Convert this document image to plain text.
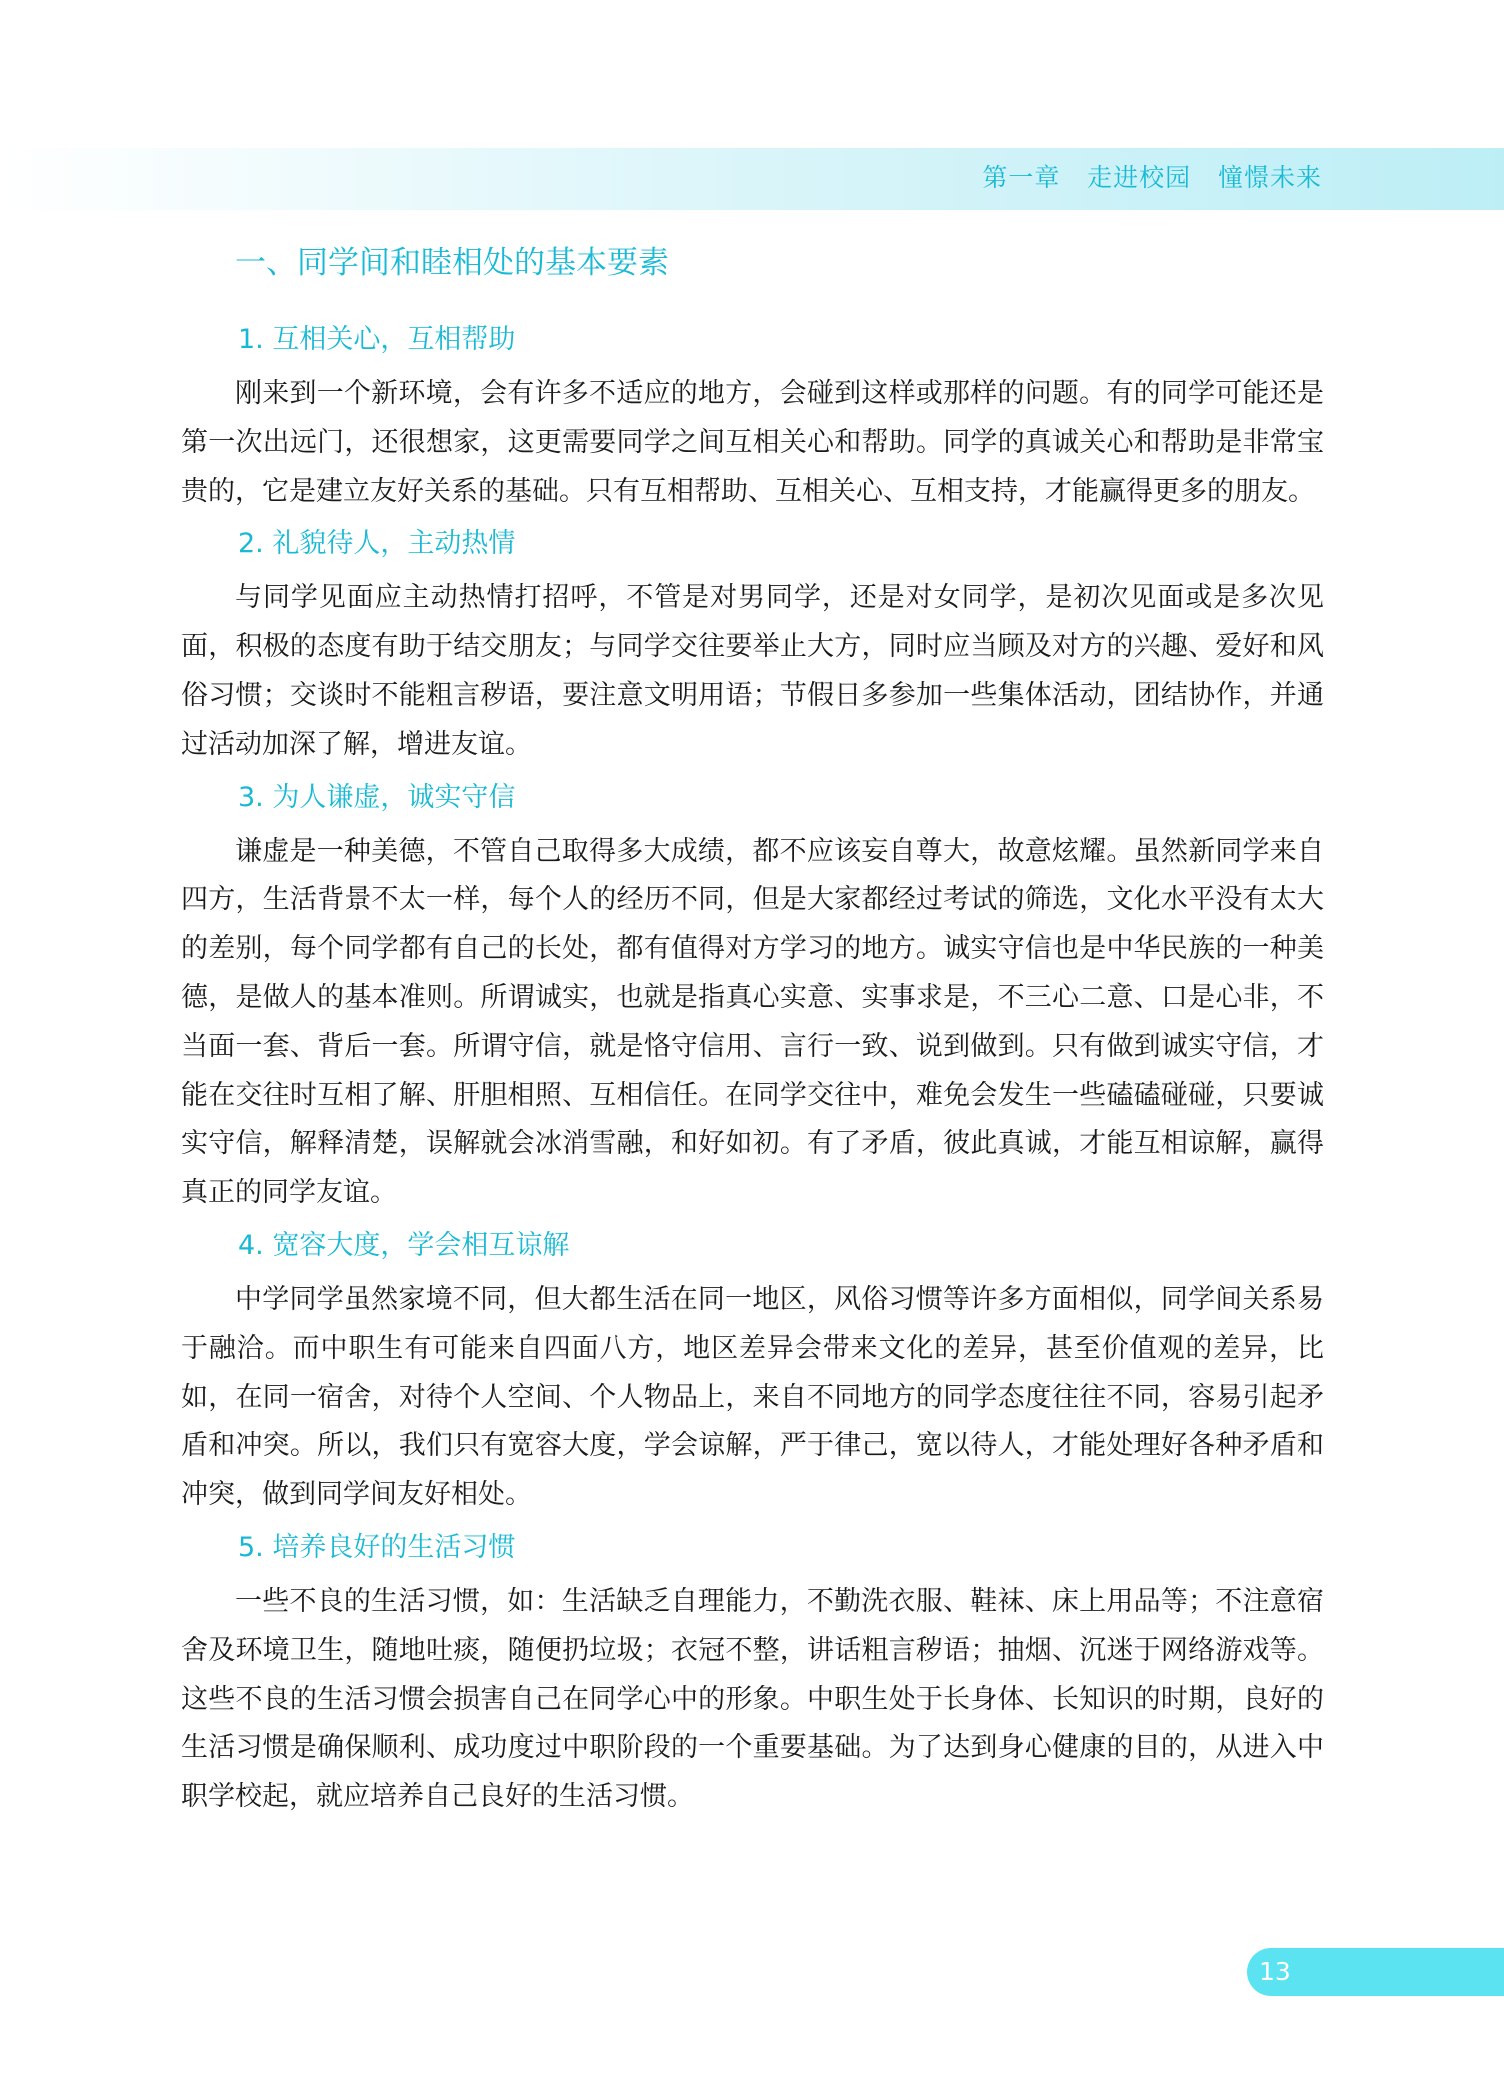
第一章   走进校园   憧憬未来
一、同学间和睦相处的基本要素
1. 互相关心，互相帮助
刚来到一个新环境，会有许多不适应的地方，会碰到这样或那样的问题。有的同学可能还是第一次出远门，还很想家，这更需要同学之间互相关心和帮助。同学的真诚关心和帮助是非常宝贵的，它是建立友好关系的基础。只有互相帮助、互相关心、互相支持，才能赢得更多的朋友。
2. 礼貌待人，主动热情
与同学见面应主动热情打招呼，不管是对男同学，还是对女同学，是初次见面或是多次见面，积极的态度有助于结交朋友；与同学交往要举止大方，同时应当顾及对方的兴趣、爱好和风俗习惯；交谈时不能粗言秽语，要注意文明用语；节假日多参加一些集体活动，团结协作，并通过活动加深了解，增进友谊。
3. 为人谦虚，诚实守信
谦虚是一种美德，不管自己取得多大成绩，都不应该妄自尊大，故意炫耀。虽然新同学来自四方，生活背景不太一样，每个人的经历不同，但是大家都经过考试的筛选，文化水平没有太大的差别，每个同学都有自己的长处，都有值得对方学习的地方。诚实守信也是中华民族的一种美德，是做人的基本准则。所谓诚实，也就是指真心实意、实事求是，不三心二意、口是心非，不当面一套、背后一套。所谓守信，就是恪守信用、言行一致、说到做到。只有做到诚实守信，才能在交往时互相了解、肝胆相照、互相信任。在同学交往中，难免会发生一些磕磕碰碰，只要诚实守信，解释清楚，误解就会冰消雪融，和好如初。有了矛盾，彼此真诚，才能互相谅解，赢得真正的同学友谊。
4. 宽容大度，学会相互谅解
中学同学虽然家境不同，但大都生活在同一地区，风俗习惯等许多方面相似，同学间关系易于融洽。而中职生有可能来自四面八方，地区差异会带来文化的差异，甚至价值观的差异，比如，在同一宿舍，对待个人空间、个人物品上，来自不同地方的同学态度往往不同，容易引起矛盾和冲突。所以，我们只有宽容大度，学会谅解，严于律己，宽以待人，才能处理好各种矛盾和冲突，做到同学间友好相处。
5. 培养良好的生活习惯
一些不良的生活习惯，如：生活缺乏自理能力，不勤洗衣服、鞋袜、床上用品等；不注意宿舍及环境卫生，随地吐痰，随便扔垃圾；衣冠不整，讲话粗言秽语；抽烟、沉迷于网络游戏等。这些不良的生活习惯会损害自己在同学心中的形象。中职生处于长身体、长知识的时期，良好的生活习惯是确保顺利、成功度过中职阶段的一个重要基础。为了达到身心健康的目的，从进入中职学校起，就应培养自己良好的生活习惯。
13
